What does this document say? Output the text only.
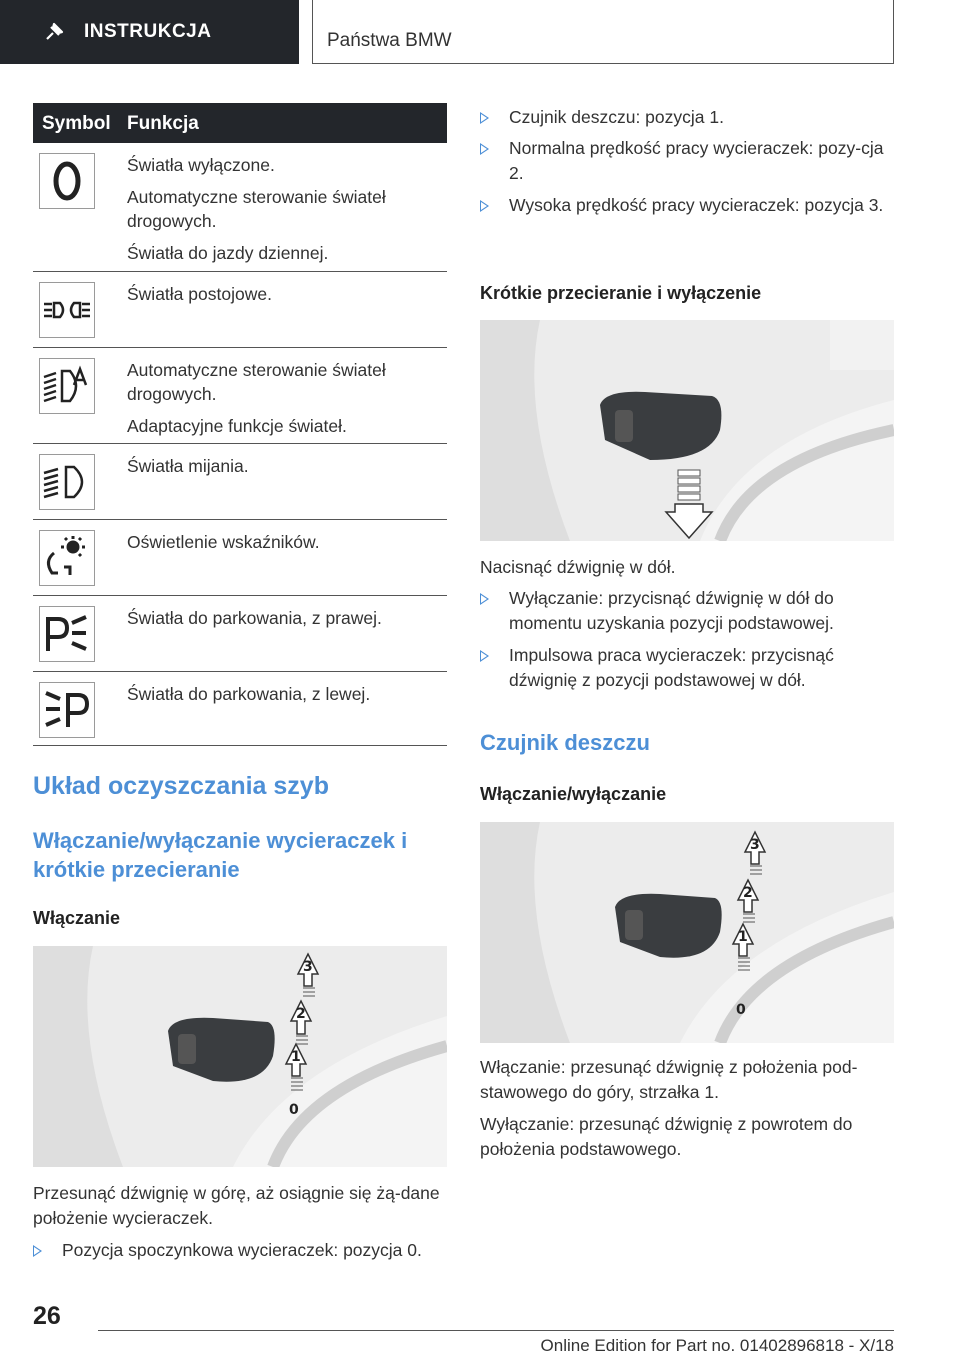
INSTRUKCJA	Państwa BMW
Symbol Funkcja

Światła wyłączone.

Automatyczne sterowanie świateł drogowych.

Światła do jazdy dziennej.

Światła postojowe.

Automatyczne sterowanie świateł drogowych.

Adaptacyjne funkcje świateł.

Światła mijania.

Oświetlenie wskaźników.

Światła do parkowania, z prawej.

Światła do parkowania, z lewej.

Układ oczyszczania szyb
Włączanie/wyłączanie wycieraczek i krótkie przecieranie
Włączanie
3
2
1
0
Przesunąć dźwignię w górę, aż osiągnie się żą‐dane położenie wycieraczek.
Pozycja spoczynkowa wycieraczek: pozycja 0.
Czujnik deszczu: pozycja 1.
Normalna prędkość pracy wycieraczek: pozy‐cja 2.
Wysoka prędkość pracy wycieraczek: pozycja 3.
Krótkie przecieranie i wyłączenie
Nacisnąć dźwignię w dół.
Wyłączanie: przycisnąć dźwignię w dół do momentu uzyskania pozycji podstawowej.
Impulsowa praca wycieraczek: przycisnąć dźwignię z pozycji podstawowej w dół.
Czujnik deszczu
Włączanie/wyłączanie
3
2
1
0
Włączanie: przesunąć dźwignię z położenia pod‐stawowego do góry, strzałka 1.
Wyłączanie: przesunąć dźwignię z powrotem do położenia podstawowego.
26
Online Edition for Part no. 01402896818 - X/18
